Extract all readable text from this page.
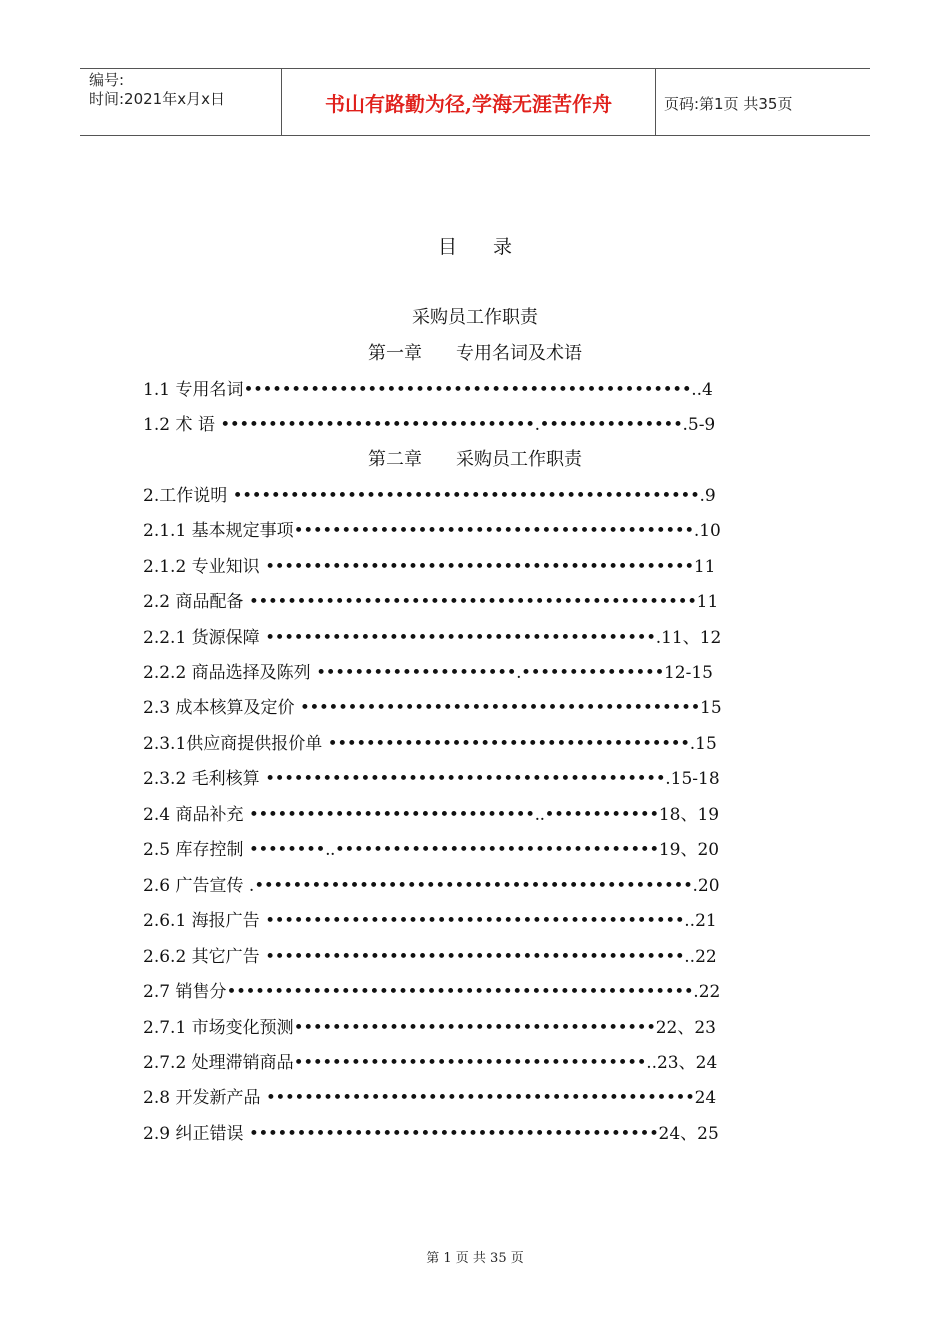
编号:
时间:2021年x月x日	书山有路勤为径,学海无涯苦作舟	页码:第1页 共35页
目 录
采购员工作职责
第一章 专用名词及术语
1.1 专用名词•••••••••••••••••••••••••••••••••••••••••••••••..4
1.2 术 语 •••••••••••••••••••••••••••••••••.•••••••••••••••.5-9
第二章 采购员工作职责
2.工作说明 •••••••••••••••••••••••••••••••••••••••••••••••••.9
2.1.1 基本规定事项••••••••••••••••••••••••••••••••••••••••••.10
2.1.2 专业知识 •••••••••••••••••••••••••••••••••••••••••••••11
2.2 商品配备 •••••••••••••••••••••••••••••••••••••••••••••••11
2.2.1 货源保障 •••••••••••••••••••••••••••••••••••••••••.11、12
2.2.2 商品选择及陈列 •••••••••••••••••••••.•••••••••••••••12-15
2.3 成本核算及定价 ••••••••••••••••••••••••••••••••••••••••••15
2.3.1供应商提供报价单 ••••••••••••••••••••••••••••••••••••••.15
2.3.2 毛利核算 ••••••••••••••••••••••••••••••••••••••••••.15-18
2.4 商品补充 ••••••••••••••••••••••••••••••..••••••••••••18、19
2.5 库存控制 ••••••••..••••••••••••••••••••••••••••••••••19、20
2.6 广告宣传 .••••••••••••••••••••••••••••••••••••••••••••••.20
2.6.1 海报广告 ••••••••••••••••••••••••••••••••••••••••••••..21
2.6.2 其它广告 ••••••••••••••••••••••••••••••••••••••••••••..22
2.7 销售分•••••••••••••••••••••••••••••••••••••••••••••••••.22
2.7.1 市场变化预测••••••••••••••••••••••••••••••••••••••22、23
2.7.2 处理滞销商品•••••••••••••••••••••••••••••••••••••..23、24
2.8 开发新产品 •••••••••••••••••••••••••••••••••••••••••••••24
2.9 纠正错误 •••••••••••••••••••••••••••••••••••••••••••24、25
第 1 页 共 35 页
